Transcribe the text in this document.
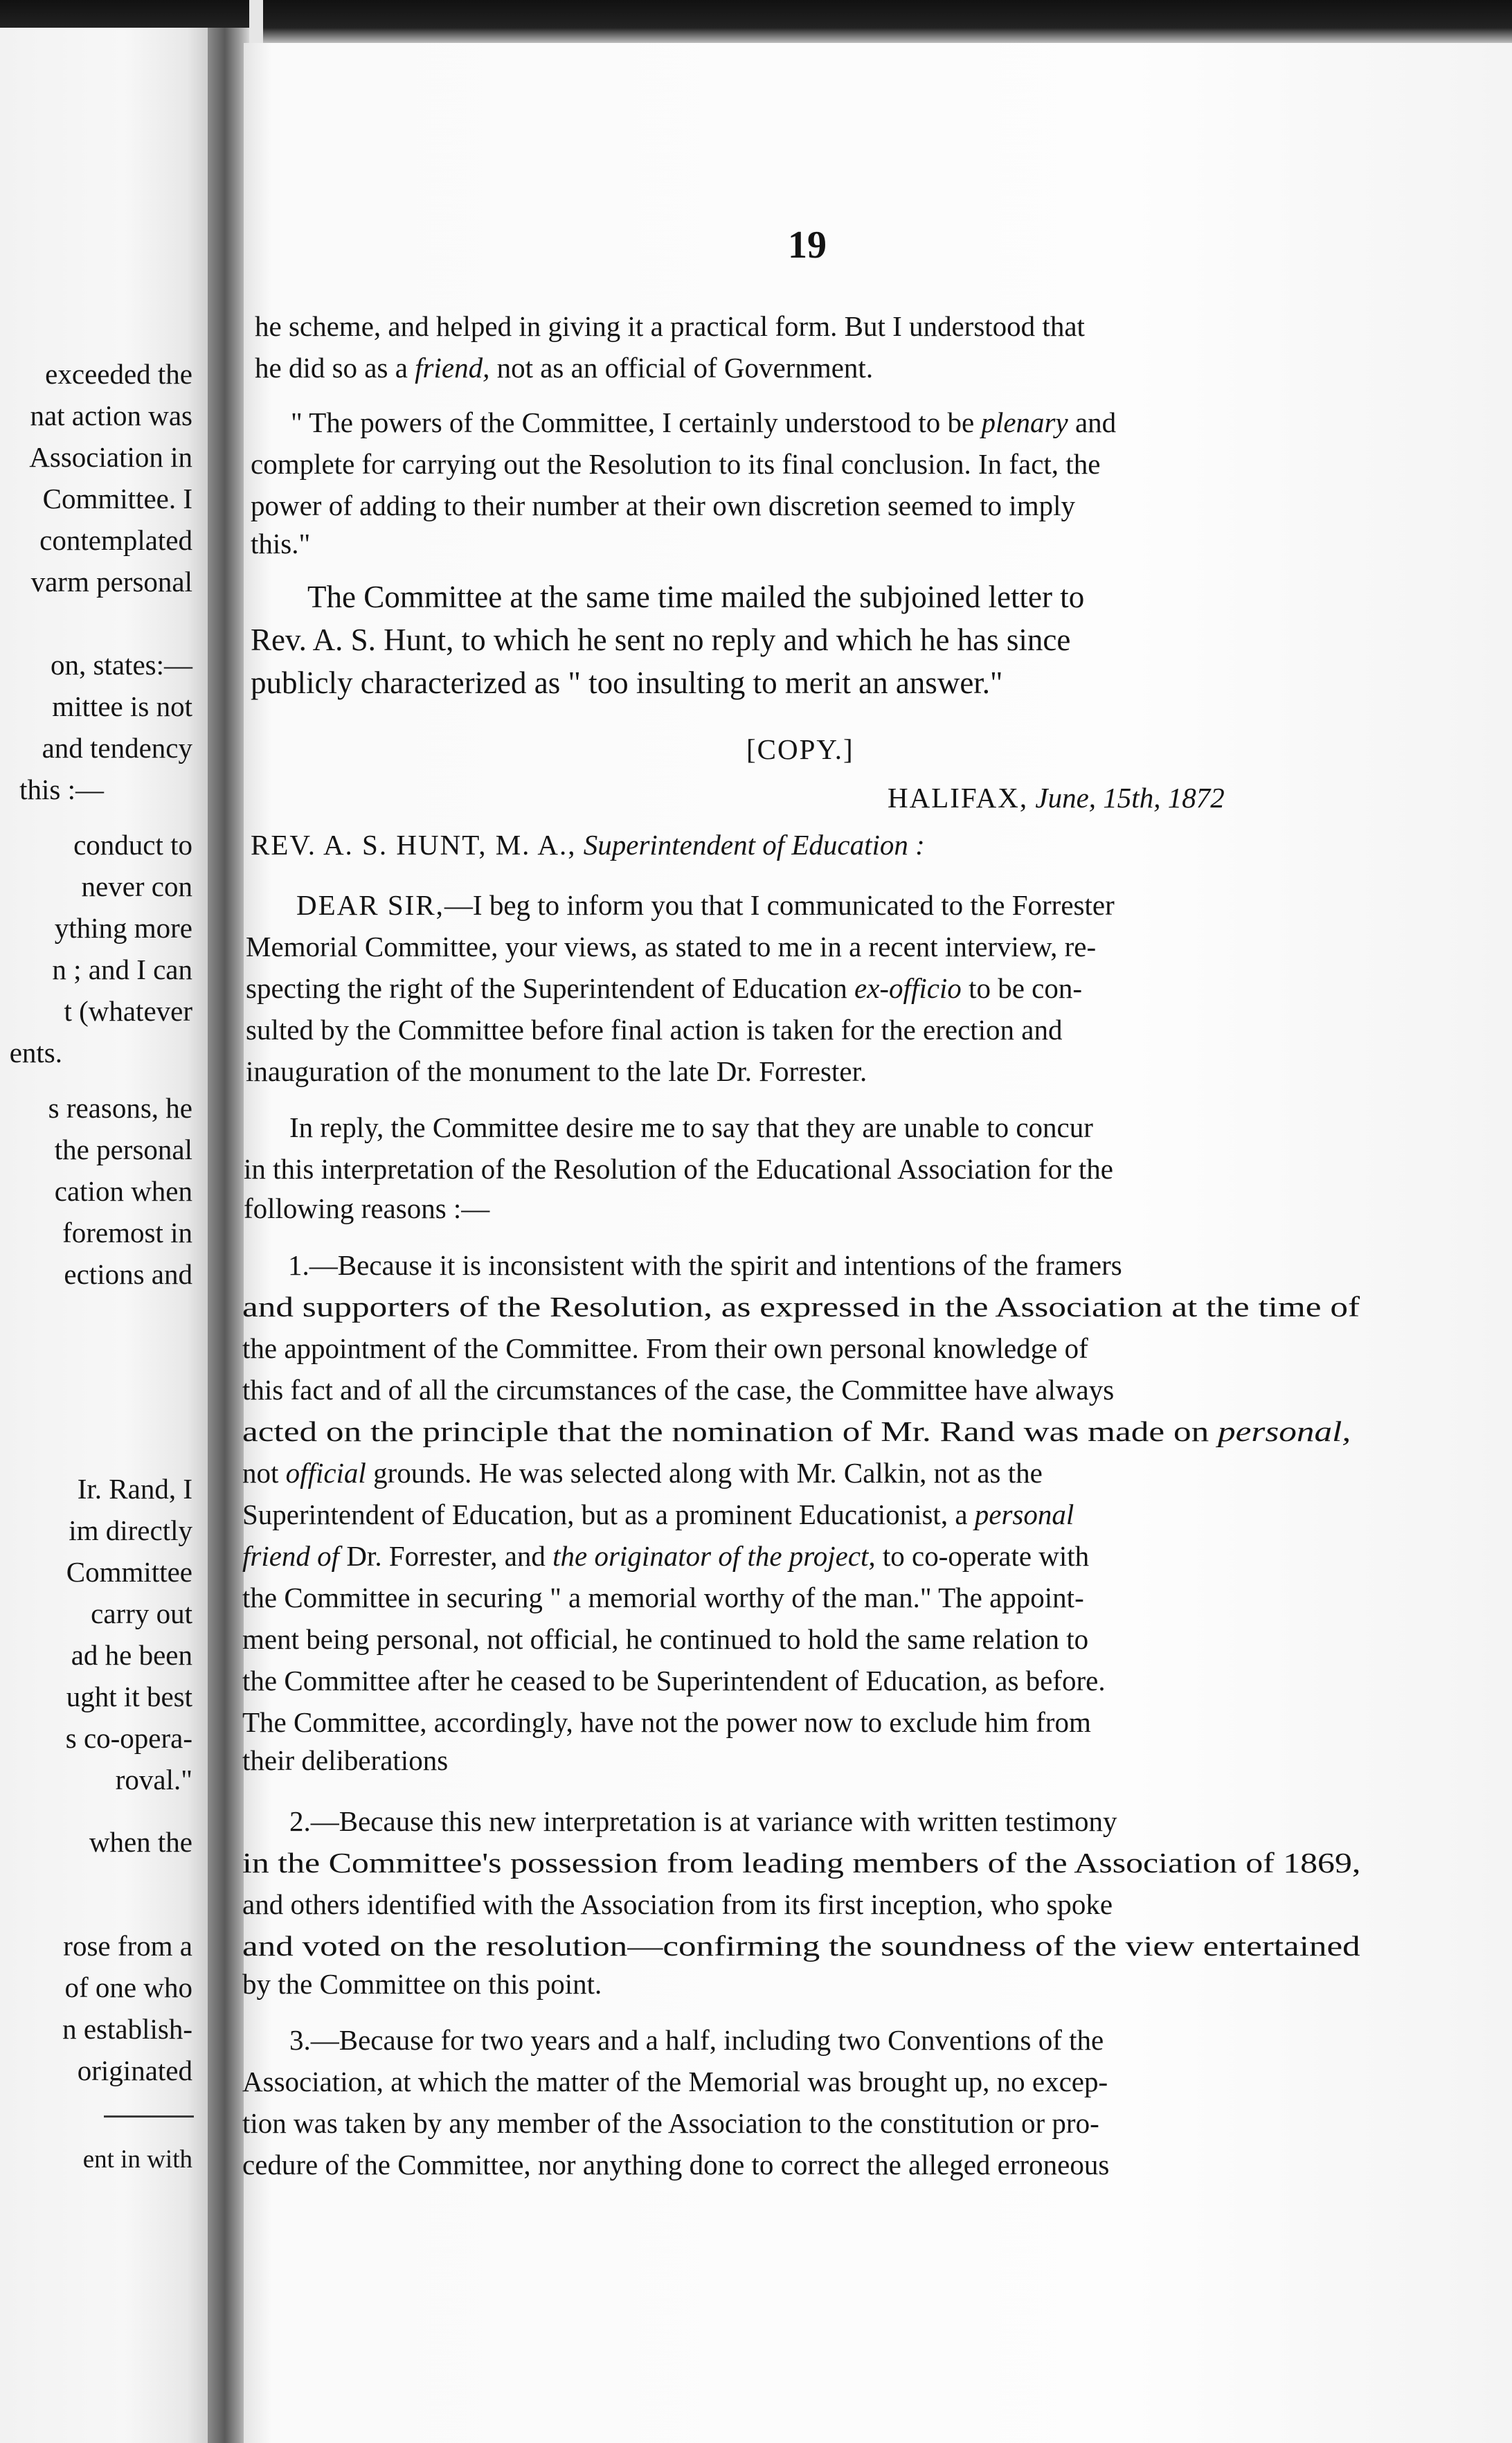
exceeded the
nat action was
Association in
Committee. I
contemplated
varm personal
on, states:—
mittee is not
and tendency
this :—
conduct to
never con
ything more
n ; and I can
t (whatever
ents.
s reasons, he
the personal
cation when
foremost in
ections and
Ir. Rand, I
im directly
Committee
carry out
ad he been
ught it best
s co-opera-
roval."
when the
rose from a
of one who
n establish-
originated
ent in with
19
he scheme, and helped in giving it a practical form. But I understood that
he did so as a friend, not as an official of Government.
" The powers of the Committee, I certainly understood to be plenary and
complete for carrying out the Resolution to its final conclusion. In fact, the
power of adding to their number at their own discretion seemed to imply
this."
The Committee at the same time mailed the subjoined letter to
Rev. A. S. Hunt, to which he sent no reply and which he has since
publicly characterized as " too insulting to merit an answer."
[COPY.]
HALIFAX, June, 15th, 1872
REV. A. S. HUNT, M. A., Superintendent of Education :
DEAR SIR,—I beg to inform you that I communicated to the Forrester
Memorial Committee, your views, as stated to me in a recent interview, re-
specting the right of the Superintendent of Education ex-officio to be con-
sulted by the Committee before final action is taken for the erection and
inauguration of the monument to the late Dr. Forrester.
In reply, the Committee desire me to say that they are unable to concur
in this interpretation of the Resolution of the Educational Association for the
following reasons :—
1.—Because it is inconsistent with the spirit and intentions of the framers
and supporters of the Resolution, as expressed in the Association at the time of
the appointment of the Committee. From their own personal knowledge of
this fact and of all the circumstances of the case, the Committee have always
acted on the principle that the nomination of Mr. Rand was made on personal,
not official grounds. He was selected along with Mr. Calkin, not as the
Superintendent of Education, but as a prominent Educationist, a personal
friend of Dr. Forrester, and the originator of the project, to co-operate with
the Committee in securing " a memorial worthy of the man." The appoint-
ment being personal, not official, he continued to hold the same relation to
the Committee after he ceased to be Superintendent of Education, as before.
The Committee, accordingly, have not the power now to exclude him from
their deliberations
2.—Because this new interpretation is at variance with written testimony
in the Committee's possession from leading members of the Association of 1869,
and others identified with the Association from its first inception, who spoke
and voted on the resolution—confirming the soundness of the view entertained
by the Committee on this point.
3.—Because for two years and a half, including two Conventions of the
Association, at which the matter of the Memorial was brought up, no excep-
tion was taken by any member of the Association to the constitution or pro-
cedure of the Committee, nor anything done to correct the alleged erroneous
